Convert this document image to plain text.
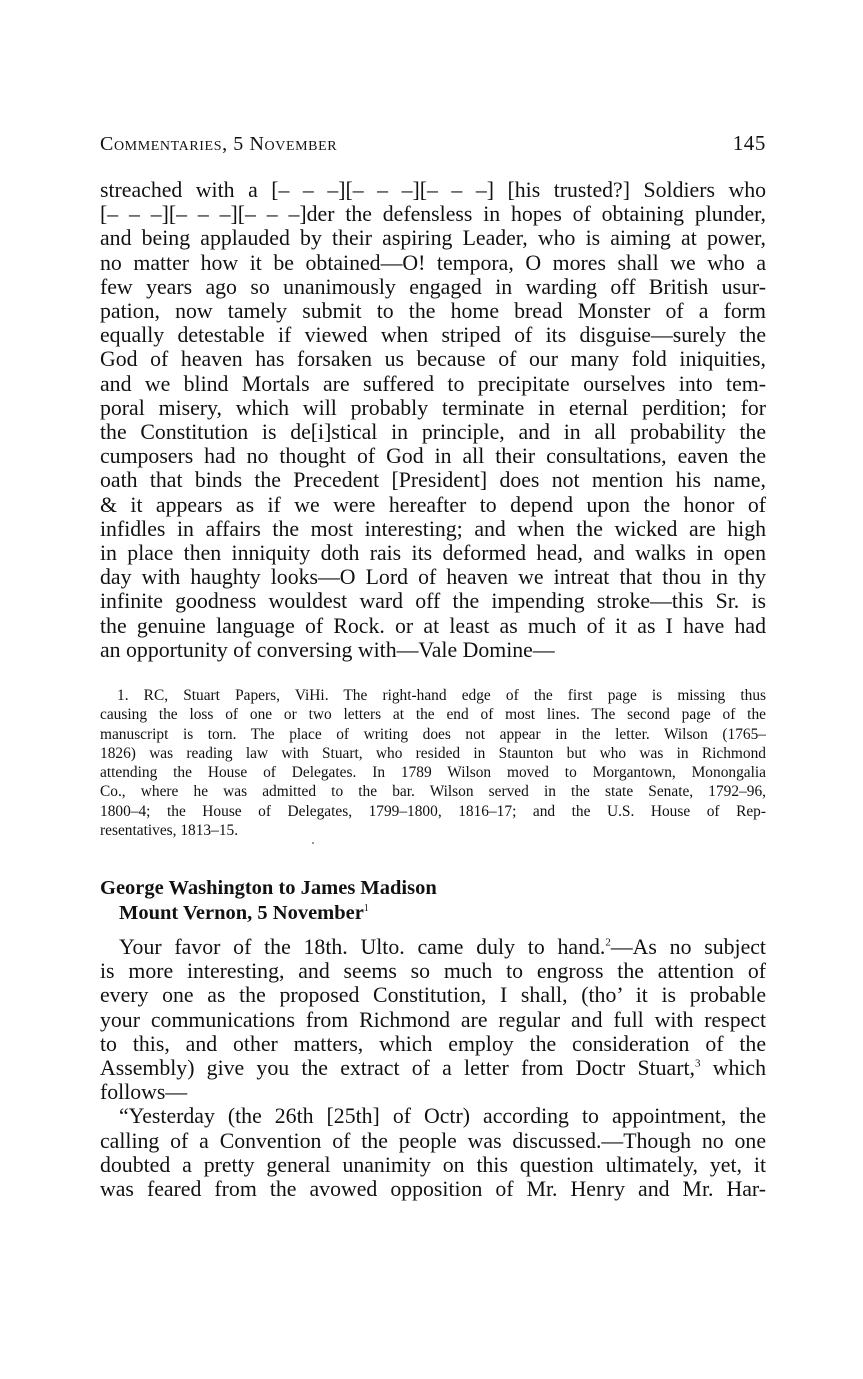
Commentaries, 5 November	145
streached with a [– – –][– – –][– – –] [his trusted?] Soldiers who
[– – –][– – –][– – –]der the defensless in hopes of obtaining plunder,
and being applauded by their aspiring Leader, who is aiming at power,
no matter how it be obtained—O! tempora, O mores shall we who a
few years ago so unanimously engaged in warding off British usur-
pation, now tamely submit to the home bread Monster of a form
equally detestable if viewed when striped of its disguise—surely the
God of heaven has forsaken us because of our many fold iniquities,
and we blind Mortals are suffered to precipitate ourselves into tem-
poral misery, which will probably terminate in eternal perdition; for
the Constitution is de[i]stical in principle, and in all probability the
cumposers had no thought of God in all their consultations, eaven the
oath that binds the Precedent [President] does not mention his name,
& it appears as if we were hereafter to depend upon the honor of
infidles in affairs the most interesting; and when the wicked are high
in place then inniquity doth rais its deformed head, and walks in open
day with haughty looks—O Lord of heaven we intreat that thou in thy
infinite goodness wouldest ward off the impending stroke—this Sr. is
the genuine language of Rock. or at least as much of it as I have had
an opportunity of conversing with—Vale Domine—
1. RC, Stuart Papers, ViHi. The right-hand edge of the first page is missing thus
causing the loss of one or two letters at the end of most lines. The second page of the
manuscript is torn. The place of writing does not appear in the letter. Wilson (1765–
1826) was reading law with Stuart, who resided in Staunton but who was in Richmond
attending the House of Delegates. In 1789 Wilson moved to Morgantown, Monongalia
Co., where he was admitted to the bar. Wilson served in the state Senate, 1792–96,
1800–4; the House of Delegates, 1799–1800, 1816–17; and the U.S. House of Rep-
resentatives, 1813–15.
George Washington to James Madison
Mount Vernon, 5 November$^1$
Your favor of the 18th. Ulto. came duly to hand.$^2$—As no subject
is more interesting, and seems so much to engross the attention of
every one as the proposed Constitution, I shall, (tho’ it is probable
your communications from Richmond are regular and full with respect
to this, and other matters, which employ the consideration of the
Assembly) give you the extract of a letter from Doctr Stuart,$^3$ which
follows—
“Yesterday (the 26th [25th] of Octr) according to appointment, the
calling of a Convention of the people was discussed.—Though no one
doubted a pretty general unanimity on this question ultimately, yet, it
was feared from the avowed opposition of Mr. Henry and Mr. Har-
